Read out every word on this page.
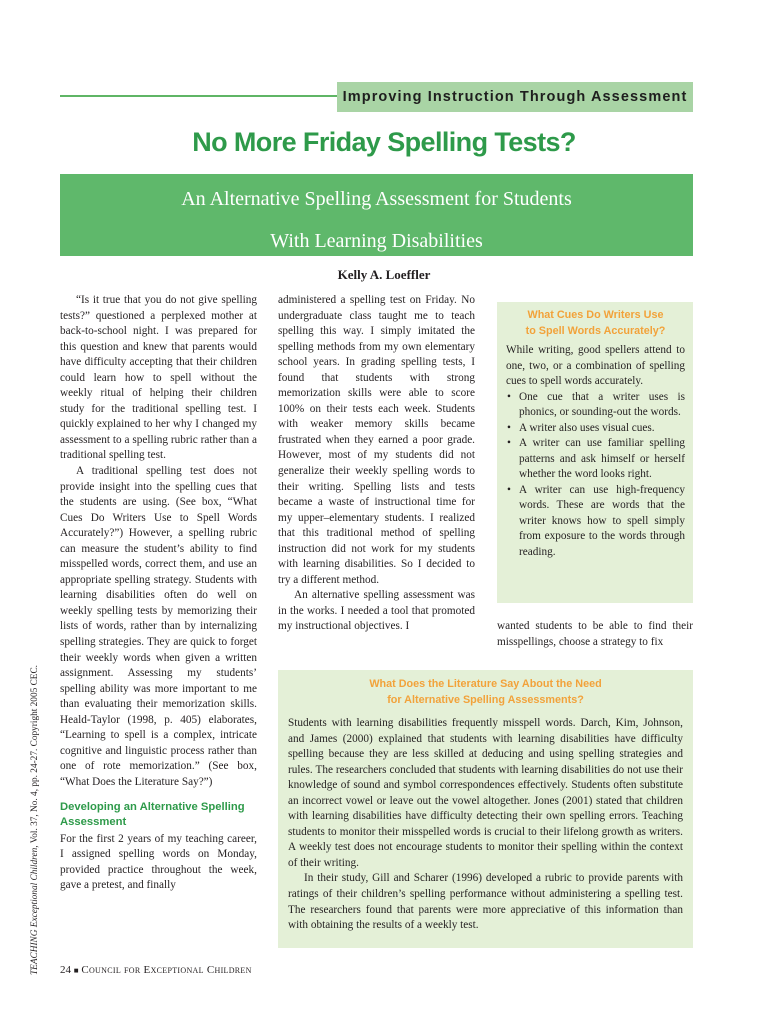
Improving Instruction Through Assessment
No More Friday Spelling Tests?
An Alternative Spelling Assessment for Students
With Learning Disabilities
Kelly A. Loeffler

“Is it true that you do not give spelling tests?” questioned a perplexed mother at back-to-school night. I was prepared for this question and knew that parents would have difficulty accepting that their children could learn how to spell without the weekly ritual of helping their children study for the traditional spelling test. I quickly explained to her why I changed my assessment to a spelling rubric rather than a traditional spelling test.

A traditional spelling test does not provide insight into the spelling cues that the students are using. (See box, “What Cues Do Writers Use to Spell Words Accurately?”) However, a spelling rubric can measure the student’s ability to find misspelled words, correct them, and use an appropriate spelling strategy. Students with learning disabilities often do well on weekly spelling tests by memorizing their lists of words, rather than by internalizing spelling strategies. They are quick to forget their weekly words when given a written assignment. Assessing my students’ spelling ability was more important to me than evaluating their memorization skills. Heald-Taylor (1998, p. 405) elaborates, “Learning to spell is a complex, intricate cognitive and linguistic process rather than one of rote memorization.” (See box, “What Does the Literature Say?”)

Developing an Alternative Spelling Assessment

For the first 2 years of my teaching career, I assigned spelling words on Monday, provided practice throughout the week, gave a pretest, and finally

administered a spelling test on Friday. No undergraduate class taught me to teach spelling this way. I simply imitated the spelling methods from my own elementary school years. In grading spelling tests, I found that students with strong memorization skills were able to score 100% on their tests each week. Students with weaker memory skills became frustrated when they earned a poor grade. However, most of my students did not generalize their weekly spelling words to their writing. Spelling lists and tests became a waste of instructional time for my upper–elementary students. I realized that this traditional method of spelling instruction did not work for my students with learning disabilities. So I decided to try a different method.

An alternative spelling assessment was in the works. I needed a tool that promoted my instructional objectives. I

What Cues Do Writers Use
to Spell Words Accurately?
While writing, good spellers attend to one, two, or a combination of spelling cues to spell words accurately.
• One cue that a writer uses is phonics, or sounding-out the words.
• A writer also uses visual cues.
• A writer can use familiar spelling patterns and ask himself or herself whether the word looks right.
• A writer can use high-frequency words. These are words that the writer knows how to spell simply from exposure to the words through reading.

wanted students to be able to find their misspellings, choose a strategy to fix

What Does the Literature Say About the Need
for Alternative Spelling Assessments?

Students with learning disabilities frequently misspell words. Darch, Kim, Johnson, and James (2000) explained that students with learning disabilities have difficulty spelling because they are less skilled at deducing and using spelling strategies and rules. The researchers concluded that students with learning disabilities do not use their knowledge of sound and symbol correspondences effectively. Students often substitute an incorrect vowel or leave out the vowel altogether. Jones (2001) stated that children with learning disabilities have difficulty detecting their own spelling errors. Teaching students to monitor their misspelled words is crucial to their lifelong growth as writers. A weekly test does not encourage students to monitor their spelling within the context of their writing.

In their study, Gill and Scharer (1996) developed a rubric to provide parents with ratings of their children’s spelling performance without administering a spelling test. The researchers found that parents were more appreciative of this information than with obtaining the results of a weekly test.

TEACHING Exceptional Children, Vol. 37, No. 4, pp. 24-27. Copyright 2005 CEC.
24 ■ Council for Exceptional Children
